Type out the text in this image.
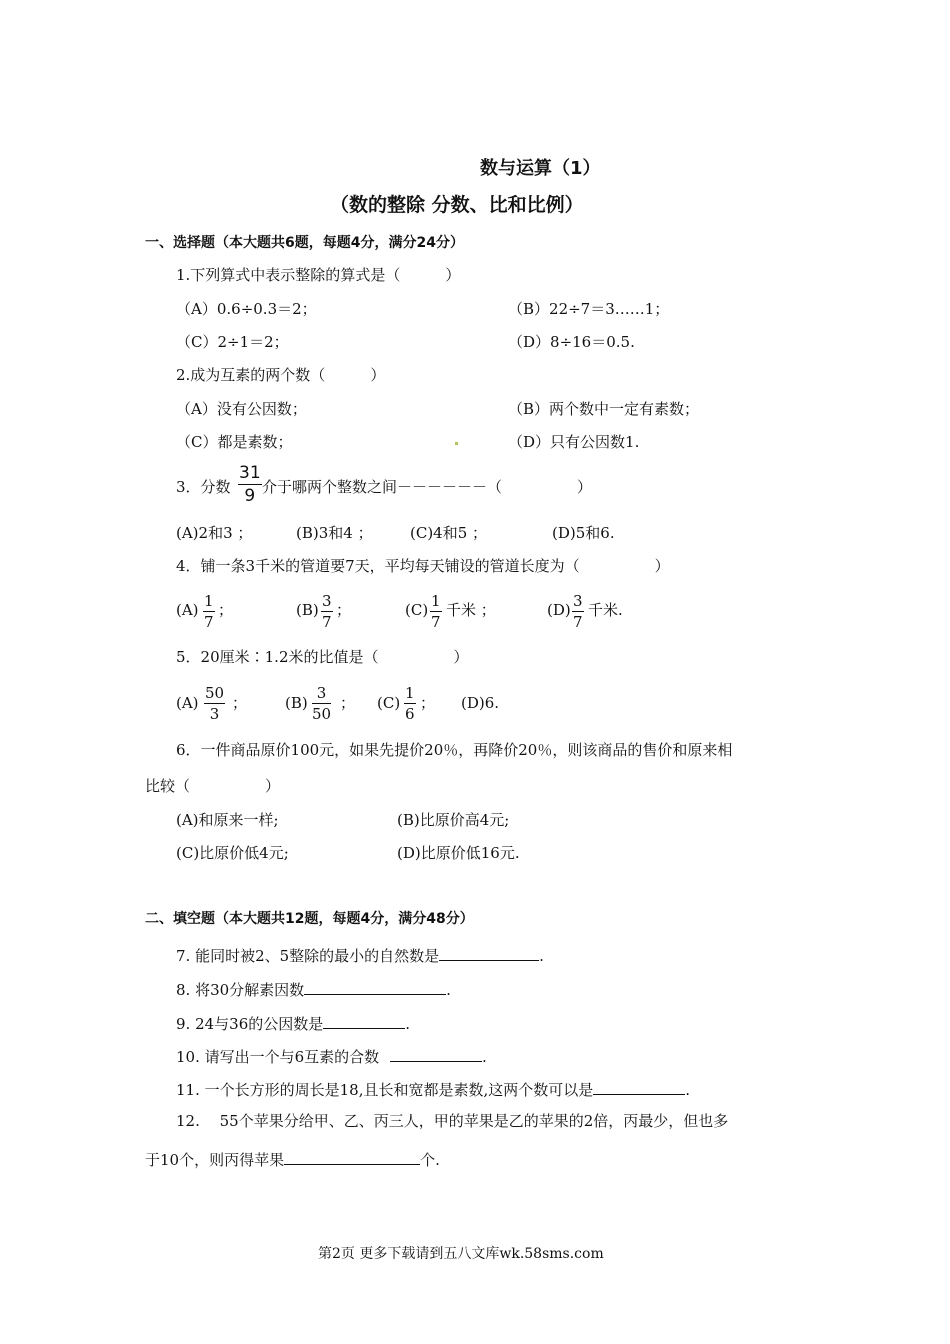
数与运算（1）
（数的整除 分数、比和比例）
一、选择题（本大题共6题，每题4分，满分24分）
1.下列算式中表示整除的算式是（　　　）
（A）0.6÷0.3＝2；	（B）22÷7＝3……1；
（C）2÷1＝2；	（D）8÷16＝0.5.
2.成为互素的两个数（　　　）
（A）没有公因数；	（B）两个数中一定有素数；
（C）都是素数；	（D）只有公因数1.
3．分数 $\frac{31}{9}$ 介于哪两个整数之间－－－－－－（　　　　　）
(A)2和3 ；	(B)3和4 ； (C)4和5 ；	(D)5和6.
4．铺一条3千米的管道要7天，平均每天铺设的管道长度为（　　　　　）
$(A) \frac{1}{7}$ ；	$(B) \frac{3}{7}$ ；	$(C) \frac{1}{7}$ 千米 ；	$(D) \frac{3}{7}$ 千米.
5．20厘米∶1.2米的比值是（　　　　　）
$(A) \frac{50}{3}$ ；	$(B) \frac{3}{50}$ ； $(C) \frac{1}{6}$ ； (D)6.
6．一件商品原价100元，如果先提价20％，再降价20％，则该商品的售价和原来相
比较（　　　　　）
(A)和原来一样;	(B)比原价高4元;
(C)比原价低4元;	(D)比原价低16元.
二、填空题（本大题共12题，每题4分，满分48分）
7. 能同时被2、5整除的最小的自然数是	.
8. 将30分解素因数	.
9. 24与36的公因数是	.
10. 请写出一个与6互素的合数	.
11. 一个长方形的周长是18,且长和宽都是素数,这两个数可以是	.
12.　 55个苹果分给甲、乙、丙三人，甲的苹果是乙的苹果的2倍，丙最少，但也多
于10个，则丙得苹果	个.
第2页 更多下载请到五八文库wk.58sms.com
